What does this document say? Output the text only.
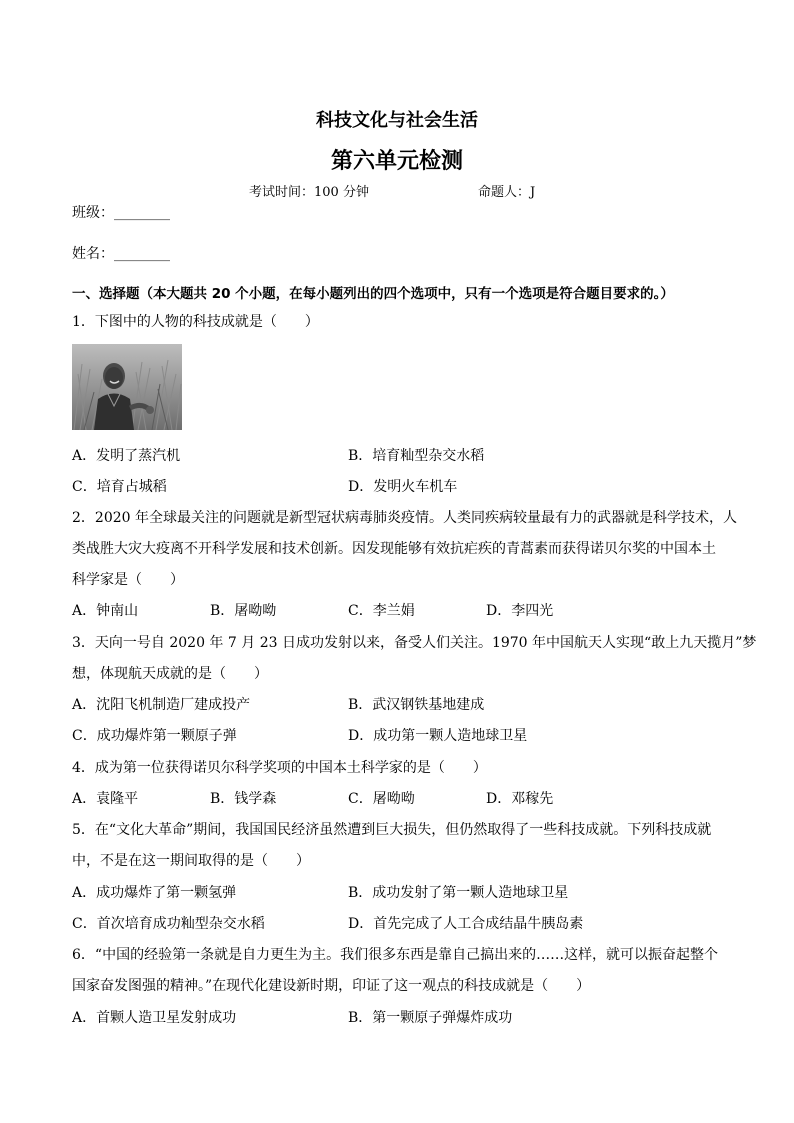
科技文化与社会生活
第六单元检测
考试时间：100 分钟	命题人：J
班级：________
姓名：________
一、选择题（本大题共 20 个小题，在每小题列出的四个选项中，只有一个选项是符合题目要求的。）
1．下图中的人物的科技成就是（　　）
A．发明了蒸汽机	B．培育籼型杂交水稻
C．培育占城稻	D．发明火车机车
2．2020 年全球最关注的问题就是新型冠状病毒肺炎疫情。人类同疾病较量最有力的武器就是科学技术，人
类战胜大灾大疫离不开科学发展和技术创新。因发现能够有效抗疟疾的青蒿素而获得诺贝尔奖的中国本土
科学家是（　　）
A．钟南山	B．屠呦呦	C．李兰娟	D．李四光
3．天向一号自 2020 年 7 月 23 日成功发射以来，备受人们关注。1970 年中国航天人实现“敢上九天揽月”梦
想，体现航天成就的是（　　）
A．沈阳飞机制造厂建成投产	B．武汉钢铁基地建成
C．成功爆炸第一颗原子弹	D．成功第一颗人造地球卫星
4．成为第一位获得诺贝尔科学奖项的中国本土科学家的是（　　）
A．袁隆平	B．钱学森	C．屠呦呦	D．邓稼先
5．在“文化大革命”期间，我国国民经济虽然遭到巨大损失，但仍然取得了一些科技成就。下列科技成就
中，不是在这一期间取得的是（　　）
A．成功爆炸了第一颗氢弹	B．成功发射了第一颗人造地球卫星
C．首次培育成功籼型杂交水稻	D．首先完成了人工合成结晶牛胰岛素
6．“中国的经验第一条就是自力更生为主。我们很多东西是靠自己搞出来的……这样，就可以振奋起整个
国家奋发图强的精神。”在现代化建设新时期，印证了这一观点的科技成就是（　　）
A．首颗人造卫星发射成功	B．第一颗原子弹爆炸成功
